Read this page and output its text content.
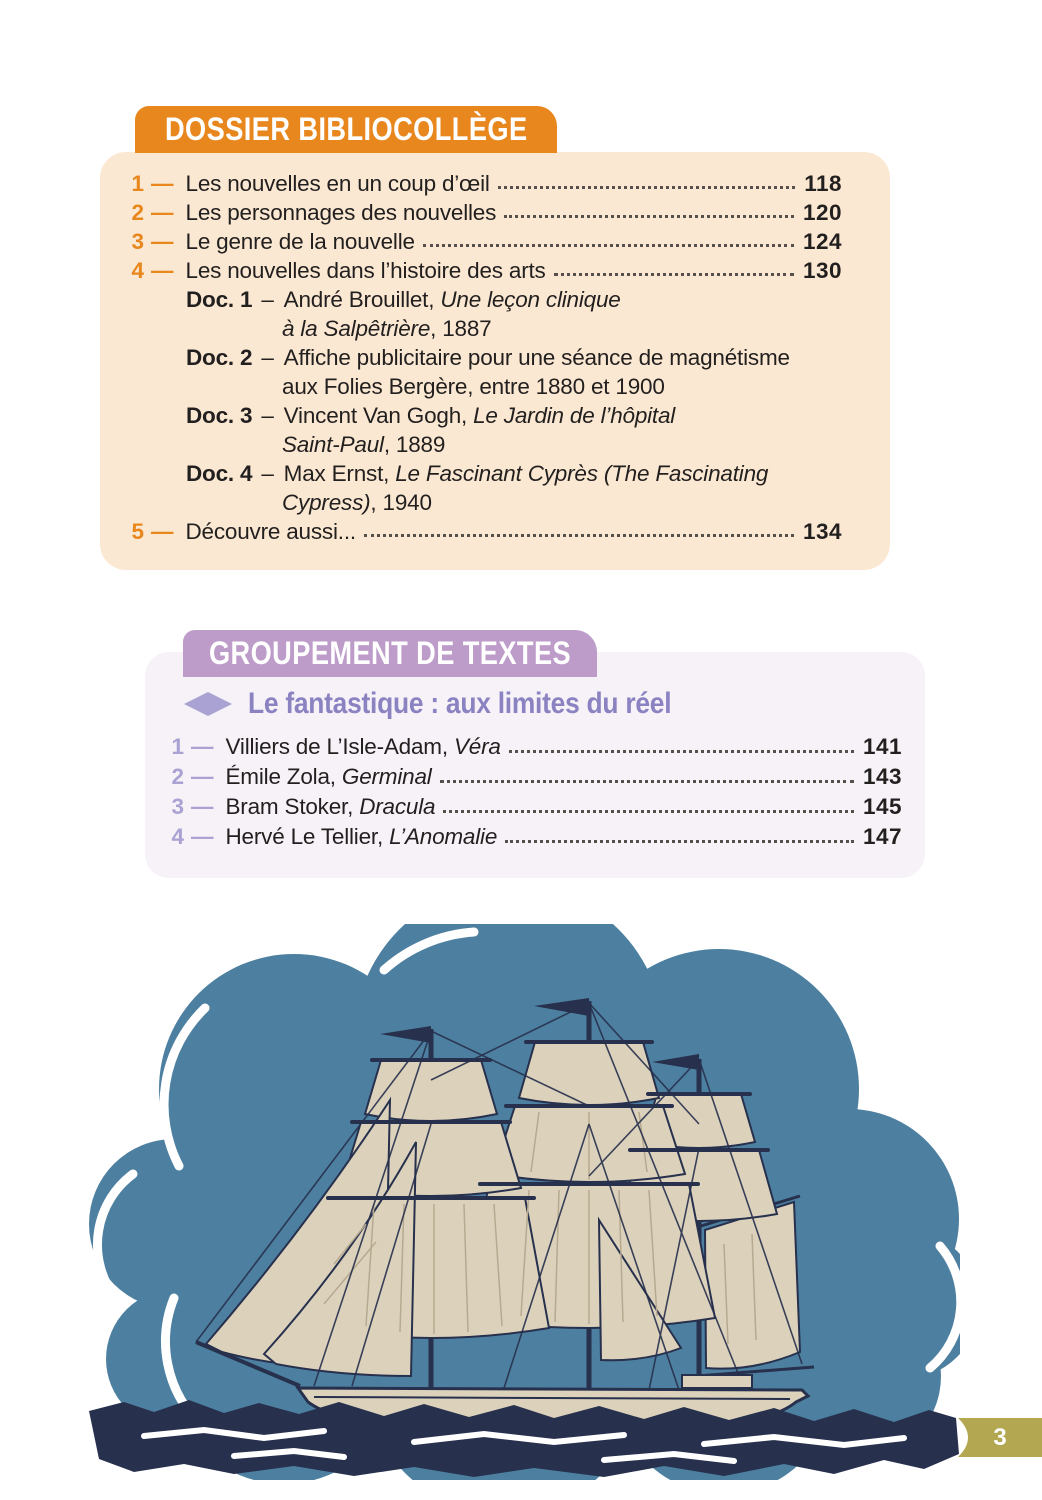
DOSSIER BIBLIOCOLLÈGE
1 — Les nouvelles en un coup d’œil	118
2 — Les personnages des nouvelles	120
3 — Le genre de la nouvelle	124
4 — Les nouvelles dans l’histoire des arts	130
Doc. 1 – André Brouillet, Une leçon clinique
à la Salpêtrière, 1887
Doc. 2 – Affiche publicitaire pour une séance de magnétisme
aux Folies Bergère, entre 1880 et 1900
Doc. 3 – Vincent Van Gogh, Le Jardin de l’hôpital
Saint-Paul, 1889
Doc. 4 – Max Ernst, Le Fascinant Cyprès (The Fascinating
Cypress), 1940
5 — Découvre aussi...	134
GROUPEMENT DE TEXTES
Le fantastique : aux limites du réel
1 — Villiers de L’Isle-Adam, Véra	141
2 — Émile Zola, Germinal	143
3 — Bram Stoker, Dracula	145
4 — Hervé Le Tellier, L’Anomalie	147
3
